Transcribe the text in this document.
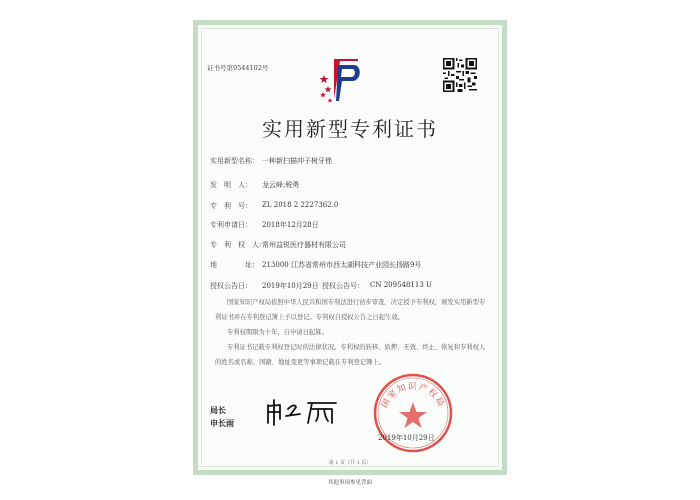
证书号第9544102号
实用新型专利证书
实用新型名称： 一种新扫描冲子树牙锉
发　明　人： 龙云峰;税勇
专　利　号： ZL 2018 2 2227362.0
专利申请日： 2018年12月28日
专　利　权　人：
常州益锐医疗器材有限公司
地　　　　址： 213000 江苏省常州市西太湖科技产业园长扬路9号
授权公告日： 2019年10月29日 授权公告号： CN 209548113 U

国家知识产权局依照中华人民共和国专利法进行初步审查，决定授予专利权，颁发实用新型专利证书并在专利登记簿上予以登记。专利权自授权公告之日起生效。

专利权期限为十年，自申请日起算。

专利证书记载专利权登记时的法律状况。专利权的转移、质押、无效、终止、恢复和专利权人的姓名或名称、国籍、地址变更等事项记载在专利登记簿上。

国家知识产权局
2019年10月29日
局长
申长雨
第 1 页（共 1 页）
其他事项参见背面
